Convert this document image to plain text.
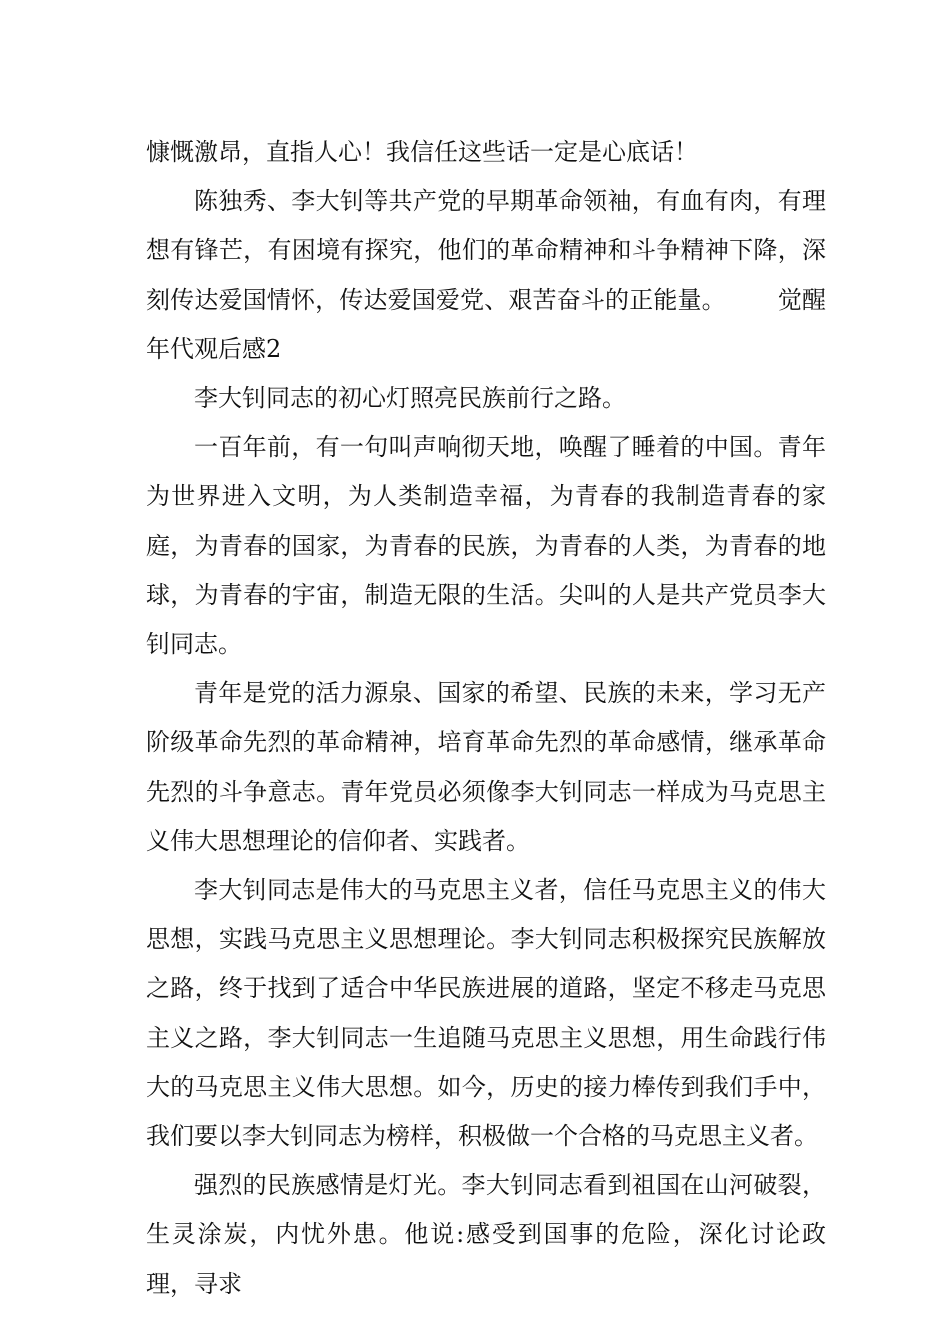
慷慨激昂，直指人心！我信任这些话一定是心底话！

陈独秀、李大钊等共产党的早期革命领袖，有血有肉，有理想有锋芒，有困境有探究，他们的革命精神和斗争精神下降，深刻传达爱国情怀，传达爱国爱党、艰苦奋斗的正能量。 觉醒年代观后感2

李大钊同志的初心灯照亮民族前行之路。

一百年前，有一句叫声响彻天地，唤醒了睡着的中国。青年为世界进入文明，为人类制造幸福，为青春的我制造青春的家庭，为青春的国家，为青春的民族，为青春的人类，为青春的地球，为青春的宇宙，制造无限的生活。尖叫的人是共产党员李大钊同志。

青年是党的活力源泉、国家的希望、民族的未来，学习无产阶级革命先烈的革命精神，培育革命先烈的革命感情，继承革命先烈的斗争意志。青年党员必须像李大钊同志一样成为马克思主义伟大思想理论的信仰者、实践者。

李大钊同志是伟大的马克思主义者，信任马克思主义的伟大思想，实践马克思主义思想理论。李大钊同志积极探究民族解放之路，终于找到了适合中华民族进展的道路，坚定不移走马克思主义之路，李大钊同志一生追随马克思主义思想，用生命践行伟大的马克思主义伟大思想。如今，历史的接力棒传到我们手中，我们要以李大钊同志为榜样，积极做一个合格的马克思主义者。

强烈的民族感情是灯光。李大钊同志看到祖国在山河破裂，生灵涂炭，内忧外患。他说:感受到国事的危险，深化讨论政理，寻求
